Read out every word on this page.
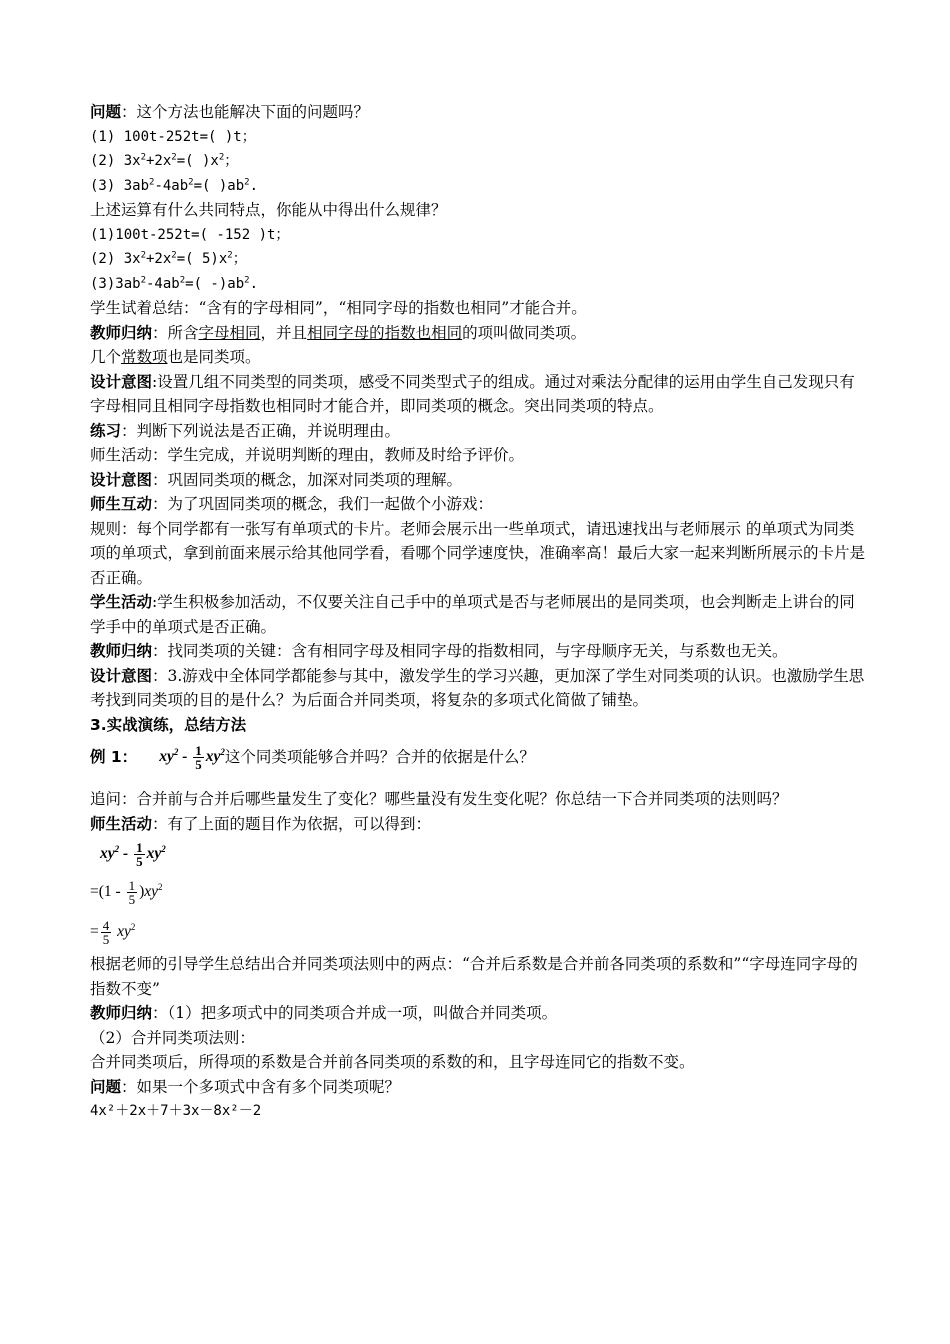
问题：这个方法也能解决下面的问题吗？
(1) 100t-252t=( )t；
(2) $3x^2+2x^2=$( )$x^2$；
(3) $3ab^2-4ab^2=$( )$ab^2$.
上述运算有什么共同特点，你能从中得出什么规律？
(1)100t-252t=( -152 )t；
(2) $3x^2+2x^2=$( $5)x^2$；
$(3)3ab^2-4ab^2=$( $-)ab^2$.
学生试着总结：“含有的字母相同”，“相同字母的指数也相同”才能合并。
教师归纳：所含字母相同，并且相同字母的指数也相同的项叫做同类项。
几个常数项也是同类项。
设计意图:设置几组不同类型的同类项，感受不同类型式子的组成。通过对乘法分配律的运用由学生自己发现只有字母相同且相同字母指数也相同时才能合并，即同类项的概念。突出同类项的特点。
练习：判断下列说法是否正确，并说明理由。
师生活动：学生完成，并说明判断的理由，教师及时给予评价。
设计意图：巩固同类项的概念，加深对同类项的理解。
师生互动：为了巩固同类项的概念，我们一起做个小游戏：
规则：每个同学都有一张写有单项式的卡片。老师会展示出一些单项式，请迅速找出与老师展示 的单项式为同类项的单项式，拿到前面来展示给其他同学看，看哪个同学速度快，准确率高！最后大家一起来判断所展示的卡片是否正确。
学生活动:学生积极参加活动，不仅要关注自己手中的单项式是否与老师展出的是同类项，也会判断走上讲台的同学手中的单项式是否正确。
教师归纳：找同类项的关键：含有相同字母及相同字母的指数相同，与字母顺序无关，与系数也无关。
设计意图：3.游戏中全体同学都能参与其中，激发学生的学习兴趣，更加深了学生对同类项的认识。也激励学生思考找到同类项的目的是什么？为后面合并同类项，将复杂的多项式化简做了铺垫。
3.实战演练，总结方法
例 1： $xy^2 - \frac{1}{5} xy^2$ 这个同类项能够合并吗？合并的依据是什么？
追问：合并前与合并后哪些量发生了变化？哪些量没有发生变化呢？你总结一下合并同类项的法则吗？
师生活动：有了上面的题目作为依据，可以得到：
$xy^2 - \frac{1}{5} xy^2$
$=(1 - \frac{1}{5} )xy^2$
= $\frac{4}{5} xy^2$
根据老师的引导学生总结出合并同类项法则中的两点：“合并后系数是合并前各同类项的系数和”“字母连同字母的指数不变”
教师归纳：（1）把多项式中的同类项合并成一项，叫做合并同类项。
（2）合并同类项法则：
合并同类项后，所得项的系数是合并前各同类项的系数的和，且字母连同它的指数不变。
问题：如果一个多项式中含有多个同类项呢？
4x²＋2x＋7＋3x－8x²－2
